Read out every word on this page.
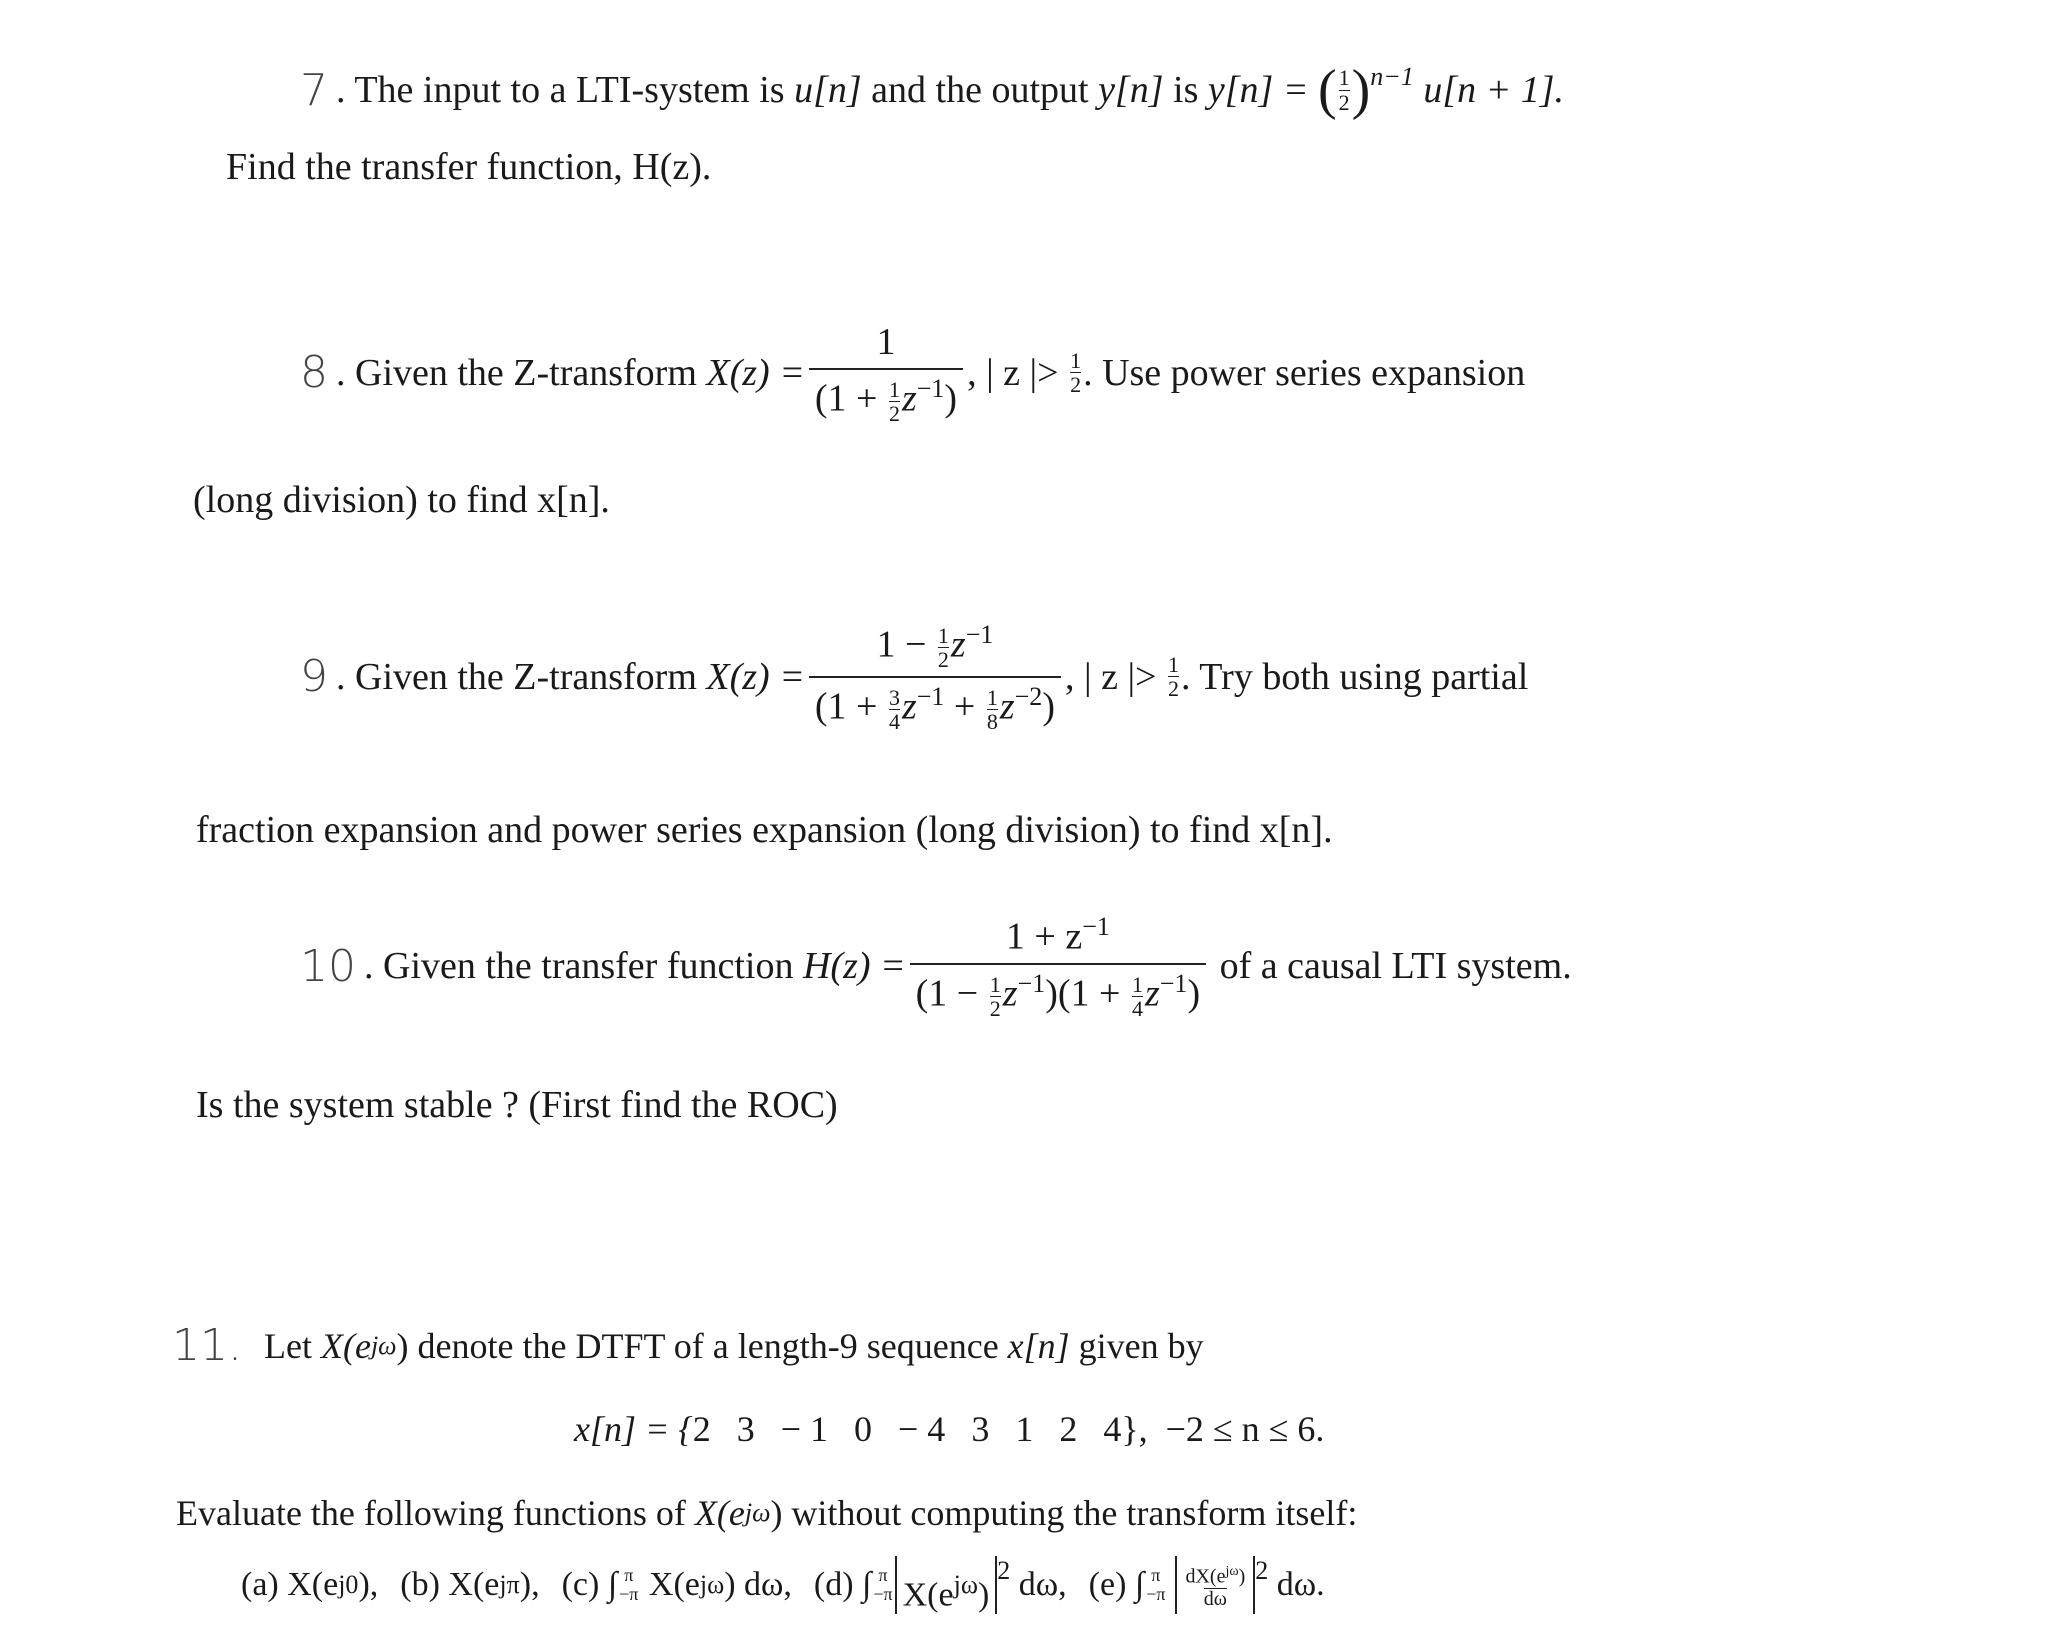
7 . The input to a LTI-system is u[n] and the output y[n] is y[n] = ( $\frac{1}{2} )^{n-1}$ u[n + 1].
Find the transfer function, H(z).
8 . Given the Z-transform $X(z) = \frac{1}{(1 + \frac{1}{2} z^{-1})}$ , | z |> $\frac{1}{2}$ . Use power series expansion
(long division) to find x[n].
9 . Given the Z-transform $X(z) = \frac{1 - \frac{1}{2} z^{-1}}{(1 + \frac{3}{4} z^{-1} + \frac{1}{8} z^{-2})}$ , | z |> $\frac{1}{2}$ . Try both using partial
fraction expansion and power series expansion (long division) to find x[n].
10 . Given the transfer function $H(z) = \frac{1 + z^{-1}}{(1 - \frac{1}{2} z^{-1})(1 + \frac{1}{4} z^{-1})}$ of a causal LTI system.
Is the system stable ? (First find the ROC)
11. Let X(e jω ) denote the DTFT of a length-9 sequence x[n] given by
x[n] = { 2 3 − 1 0 − 4 3 1 2 4 },  −2 ≤ n ≤ 6.
Evaluate the following functions of X(e jω ) without computing the transform itself:
(a) X(e j0 ), (b) X(e jπ ), (c) ∫ π
−π X(e jω ) dω, (d) ∫ π
−π $X(e^{j\omega})$
$^2$ dω, (e) ∫ π
−π
$dX(e^{j\omega})$
dω
$^2$ dω.
